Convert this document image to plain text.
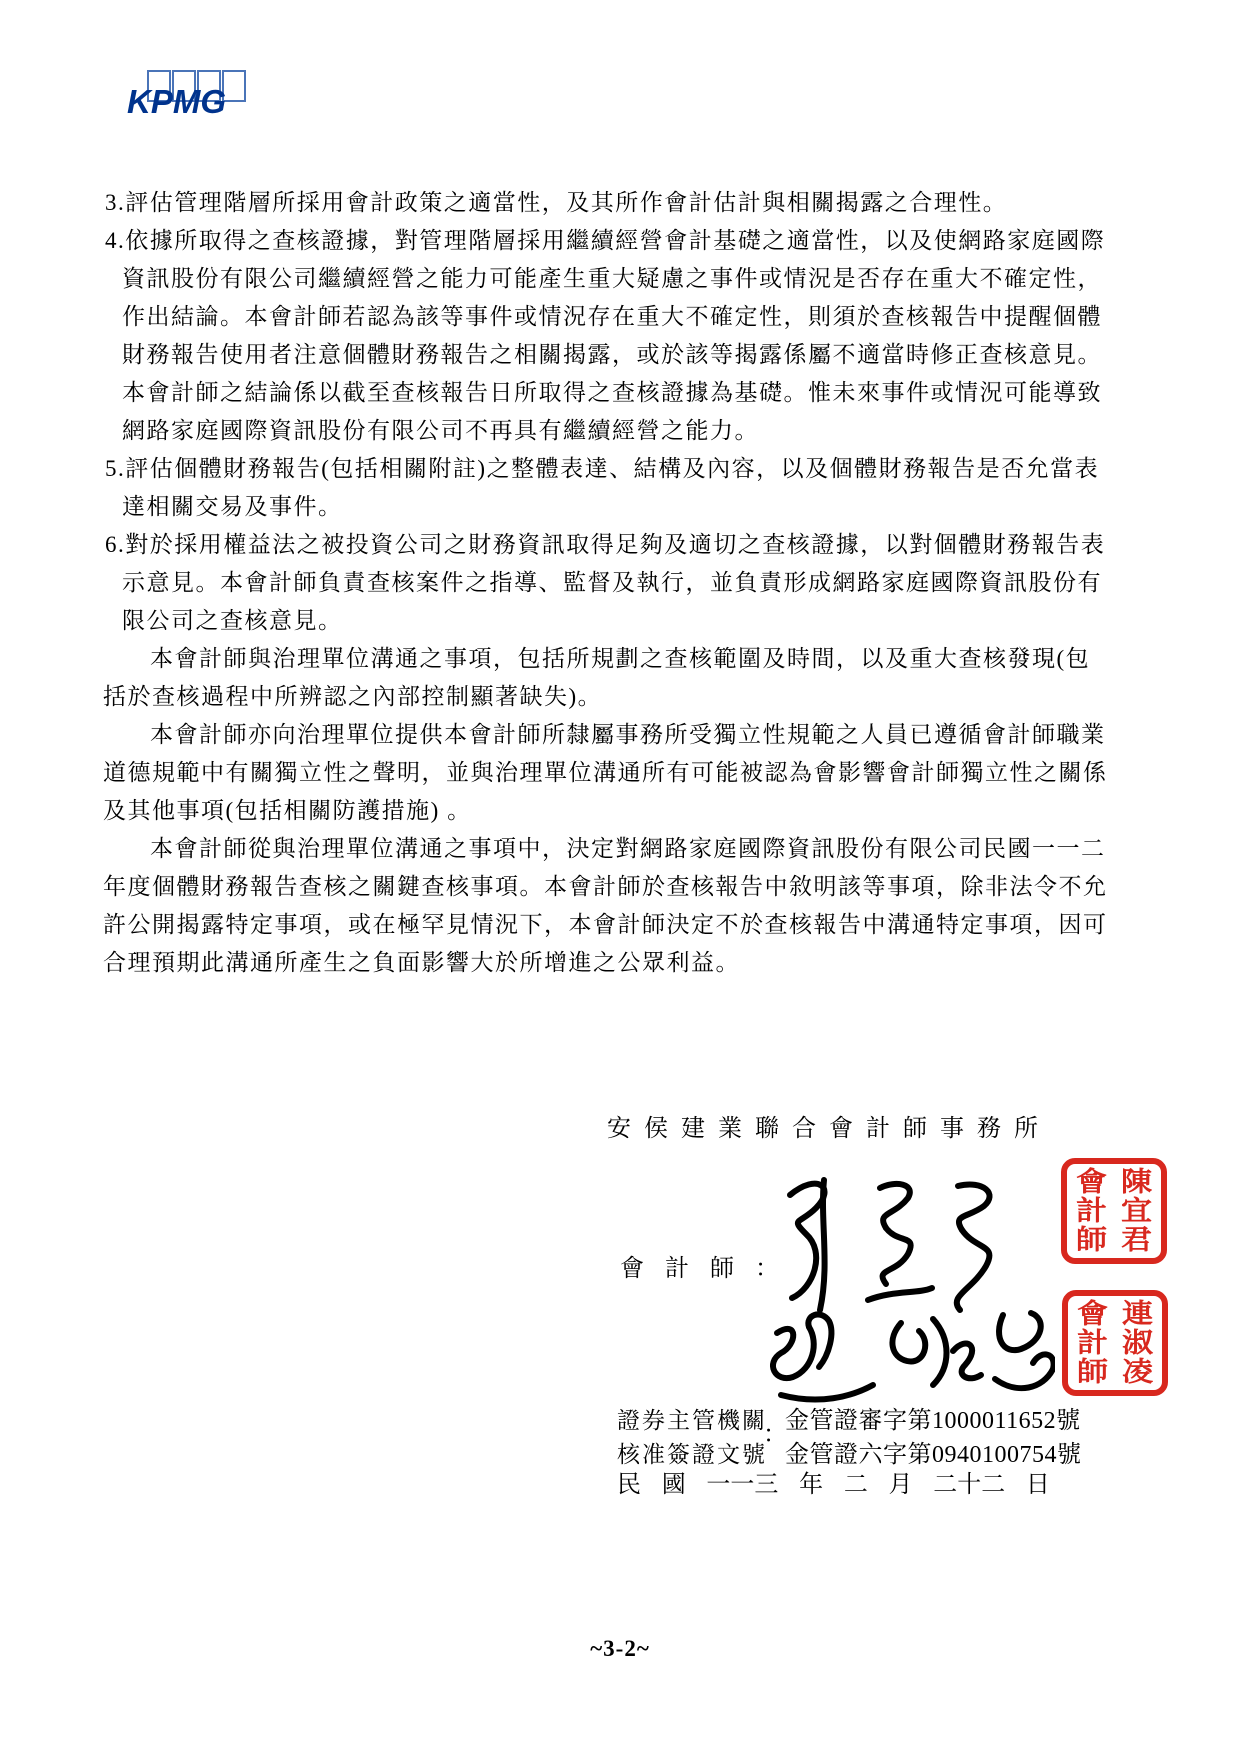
KPMG
3.評估管理階層所採用會計政策之適當性，及其所作會計估計與相關揭露之合理性。
4.依據所取得之查核證據，對管理階層採用繼續經營會計基礎之適當性，以及使網路家庭國際
資訊股份有限公司繼續經營之能力可能產生重大疑慮之事件或情況是否存在重大不確定性，
作出結論。本會計師若認為該等事件或情況存在重大不確定性，則須於查核報告中提醒個體
財務報告使用者注意個體財務報告之相關揭露，或於該等揭露係屬不適當時修正查核意見。
本會計師之結論係以截至查核報告日所取得之查核證據為基礎。惟未來事件或情況可能導致
網路家庭國際資訊股份有限公司不再具有繼續經營之能力。
5.評估個體財務報告(包括相關附註)之整體表達、結構及內容，以及個體財務報告是否允當表
達相關交易及事件。
6.對於採用權益法之被投資公司之財務資訊取得足夠及適切之查核證據，以對個體財務報告表
示意見。本會計師負責查核案件之指導、監督及執行，並負責形成網路家庭國際資訊股份有
限公司之查核意見。
本會計師與治理單位溝通之事項，包括所規劃之查核範圍及時間，以及重大查核發現(包
括於查核過程中所辨認之內部控制顯著缺失)。
本會計師亦向治理單位提供本會計師所隸屬事務所受獨立性規範之人員已遵循會計師職業
道德規範中有關獨立性之聲明，並與治理單位溝通所有可能被認為會影響會計師獨立性之關係
及其他事項(包括相關防護措施) 。
本會計師從與治理單位溝通之事項中，決定對網路家庭國際資訊股份有限公司民國一一二
年度個體財務報告查核之關鍵查核事項。本會計師於查核報告中敘明該等事項，除非法令不允
許公開揭露特定事項，或在極罕見情況下，本會計師決定不於查核報告中溝通特定事項，因可
合理預期此溝通所產生之負面影響大於所增進之公眾利益。
安侯建業聯合會計師事務所
會計師：
會
計
師
陳
宜
君
會
計
師
連
淑
凌
證券主管機關
核准簽證文號
：
金管證審字第1000011652號
金管證六字第0940100754號
民 國 一一三 年 二 月 二十二 日
~3-2~
